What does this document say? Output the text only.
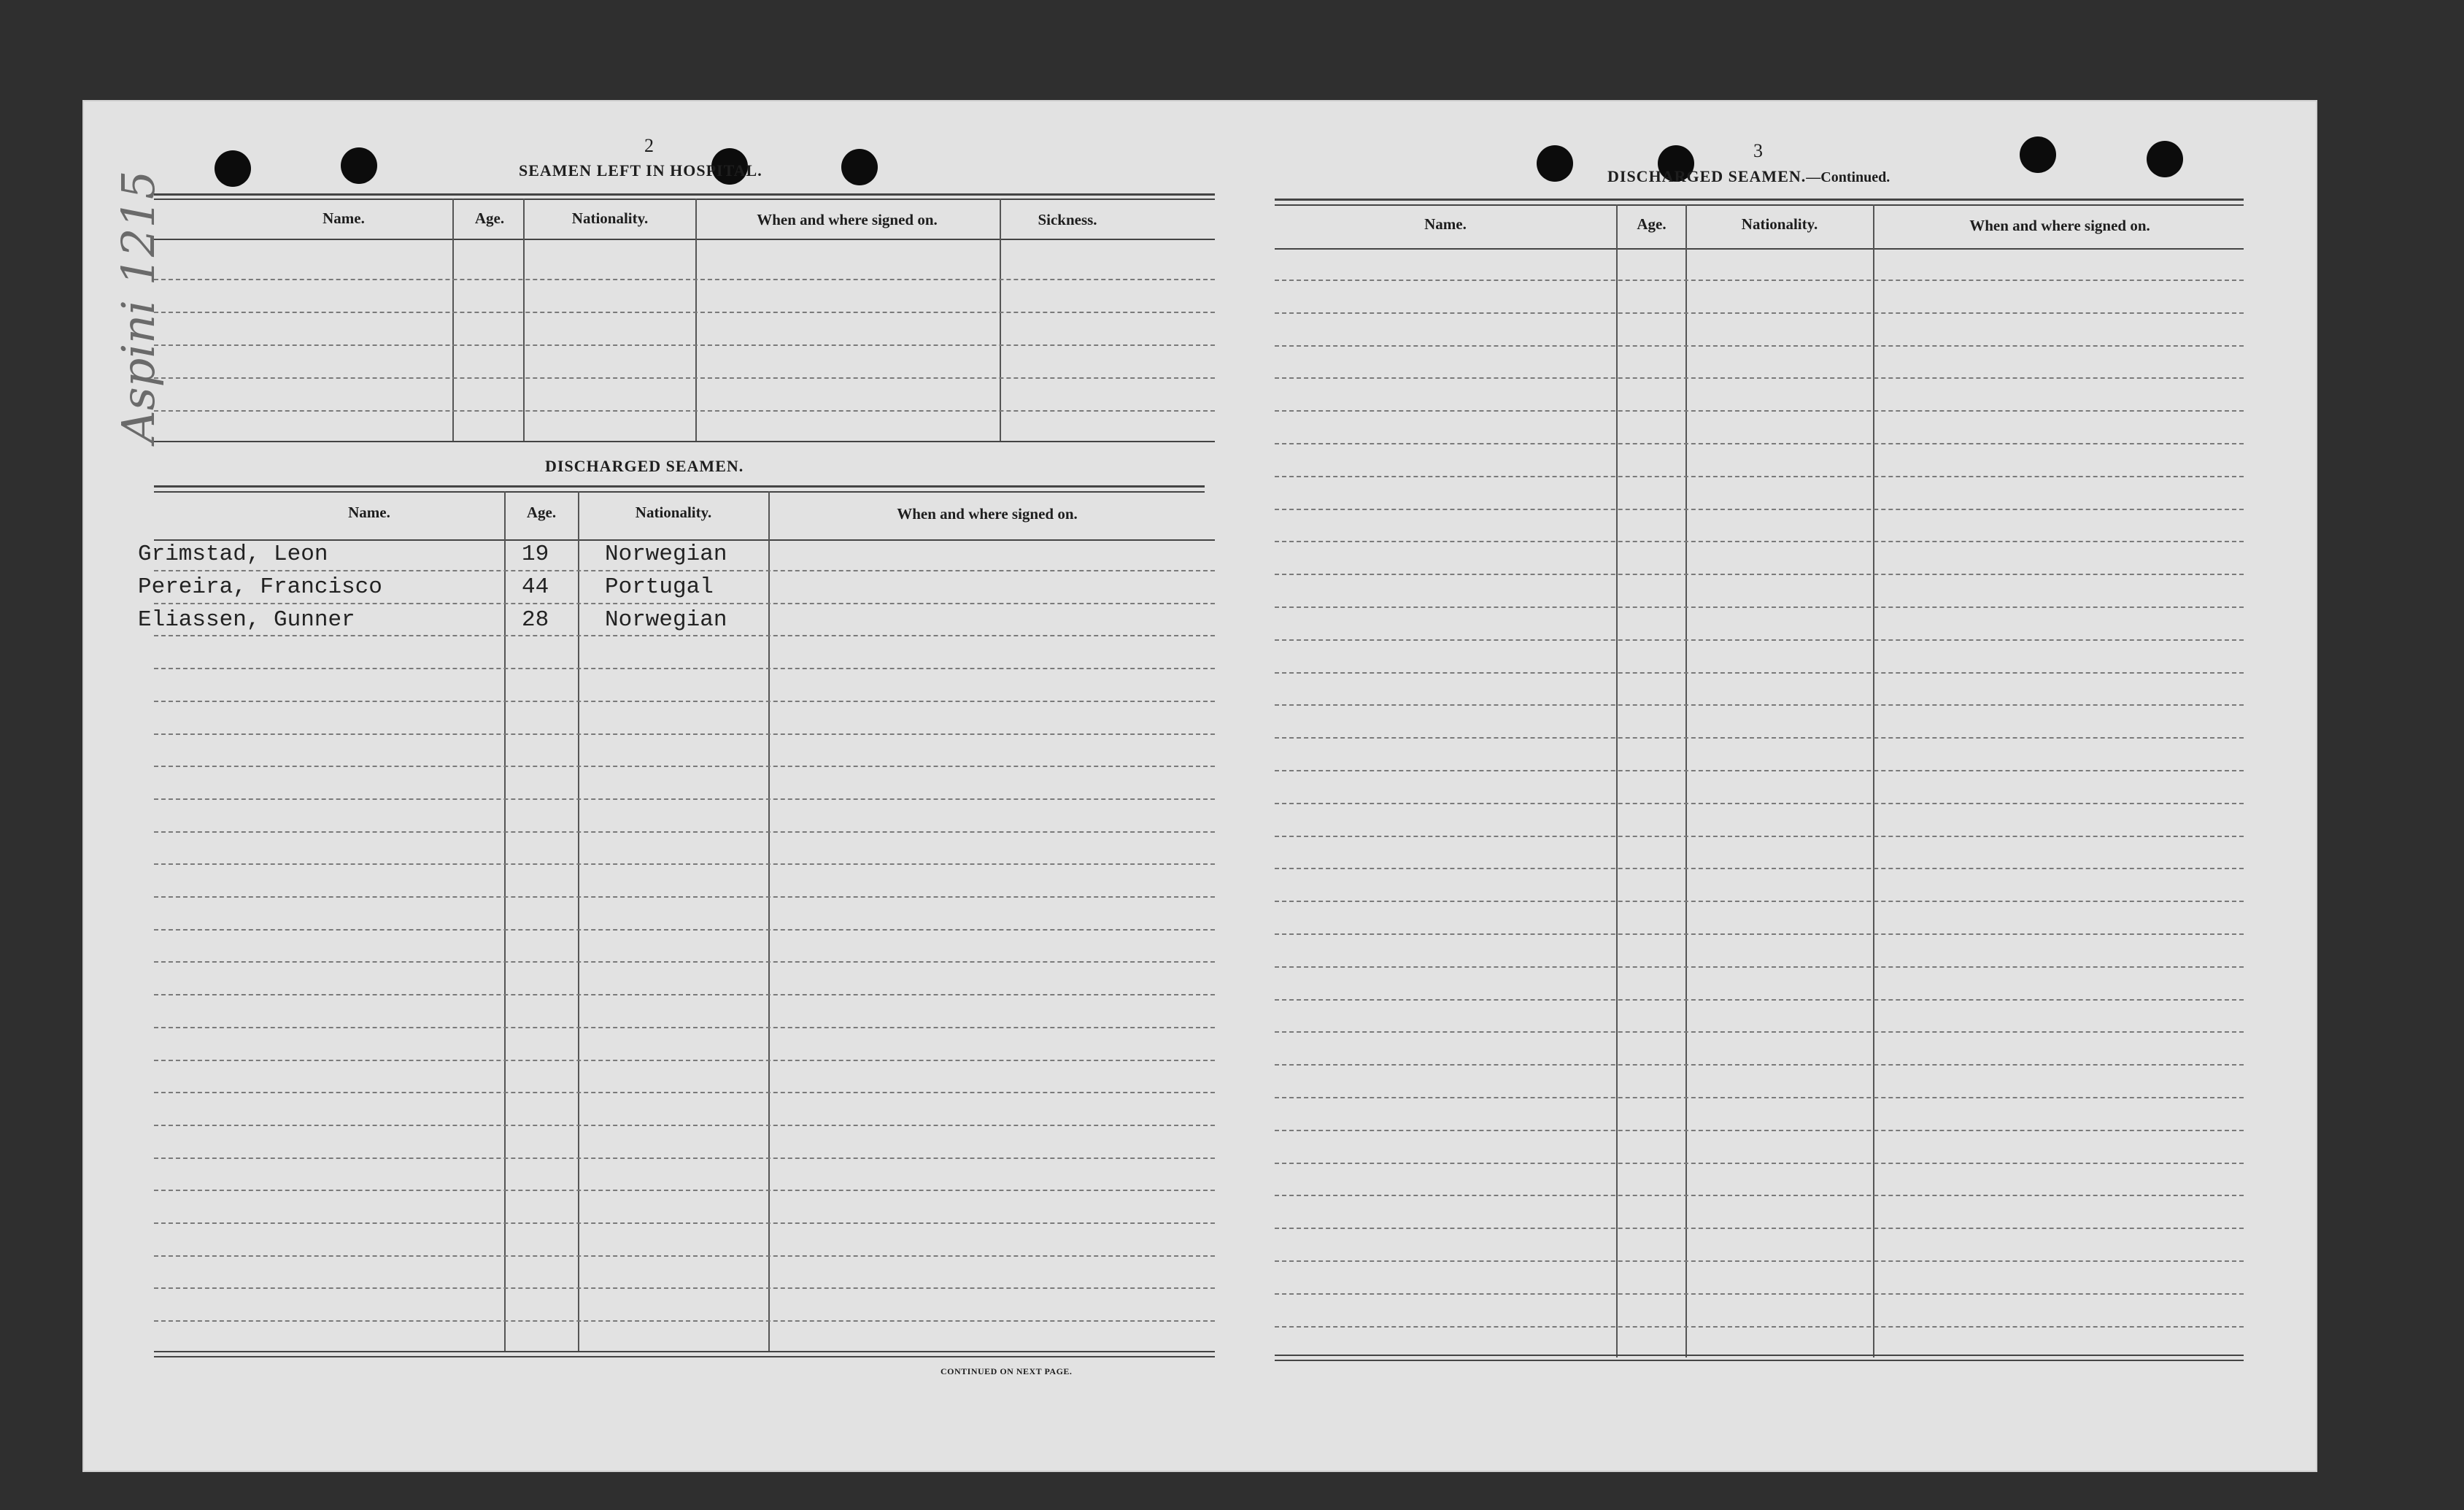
Aspini 1215
2
SEAMEN LEFT IN HOSPITAL.
Name.	Age.	Nationality.	When and where signed on.	Sickness.
DISCHARGED SEAMEN.
Name.	Age.	Nationality.	When and where signed on.
Grimstad, Leon	19 Norwegian
Pereira, Francisco	44 Portugal
Eliassen, Gunner	28 Norwegian
CONTINUED ON NEXT PAGE.
3
DISCHARGED SEAMEN.—Continued.
Name.	Age.	Nationality.	When and where signed on.
